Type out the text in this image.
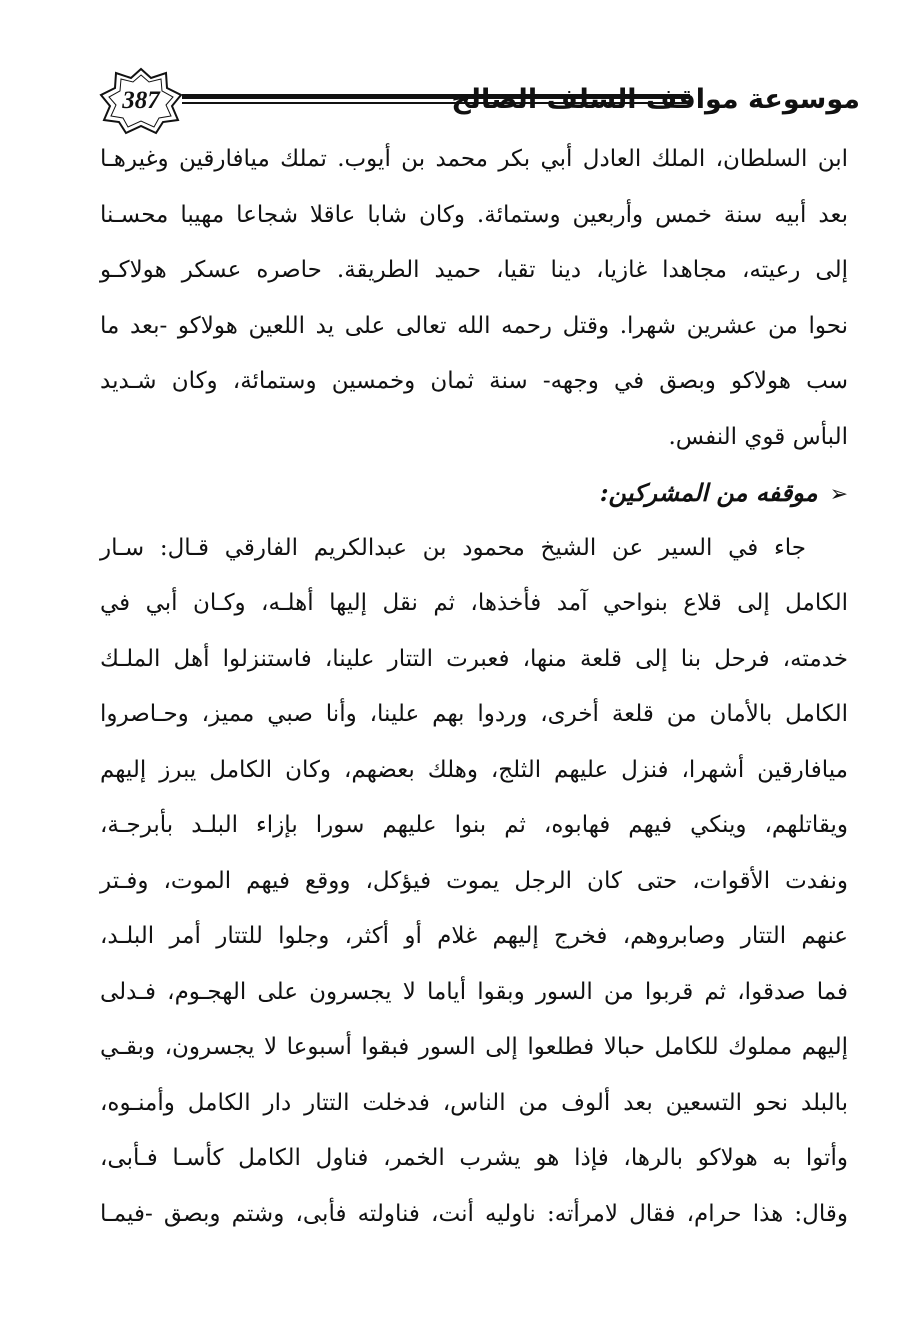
387	موسوعة مواقف السلف الصالح
ابن السلطان، الملك العادل أبي بكر محمد بن أيوب. تملك ميافارقين وغيرهـا
بعد أبيه سنة خمس وأربعين وستمائة. وكان شابا عاقلا شجاعا مهيبا محسـنا
إلى رعيته، مجاهدا غازيا، دينا تقيا، حميد الطريقة. حاصره عسكر هولاكـو
نحوا من عشرين شهرا. وقتل رحمه الله تعالى على يد اللعين هولاكو -بعد ما
سب هولاكو وبصق في وجهه- سنة ثمان وخمسين وستمائة، وكان شـديد
البأس قوي النفس.
➢موقفه من المشركين:
جاء في السير عن الشيخ محمود بن عبدالكريم الفارقي قـال: سـار
الكامل إلى قلاع بنواحي آمد فأخذها، ثم نقل إليها أهلـه، وكـان أبي في
خدمته، فرحل بنا إلى قلعة منها، فعبرت التتار علينا، فاستنزلوا أهل الملـك
الكامل بالأمان من قلعة أخرى، وردوا بهم علينا، وأنا صبي مميز، وحـاصروا
ميافارقين أشهرا، فنزل عليهم الثلج، وهلك بعضهم، وكان الكامل يبرز إليهم
ويقاتلهم، وينكي فيهم فهابوه، ثم بنوا عليهم سورا بإزاء البلـد بأبرجـة،
ونفدت الأقوات، حتى كان الرجل يموت فيؤكل، ووقع فيهم الموت، وفـتر
عنهم التتار وصابروهم، فخرج إليهم غلام أو أكثر، وجلوا للتتار أمر البلـد،
فما صدقوا، ثم قربوا من السور وبقوا أياما لا يجسرون على الهجـوم، فـدلى
إليهم مملوك للكامل حبالا فطلعوا إلى السور فبقوا أسبوعا لا يجسرون، وبقـي
بالبلد نحو التسعين بعد ألوف من الناس، فدخلت التتار دار الكامل وأمنـوه،
وأتوا به هولاكو بالرها، فإذا هو يشرب الخمر، فناول الكامل كأسـا فـأبى،
وقال: هذا حرام، فقال لامرأته: ناوليه أنت، فناولته فأبى، وشتم وبصق -فيمـا
